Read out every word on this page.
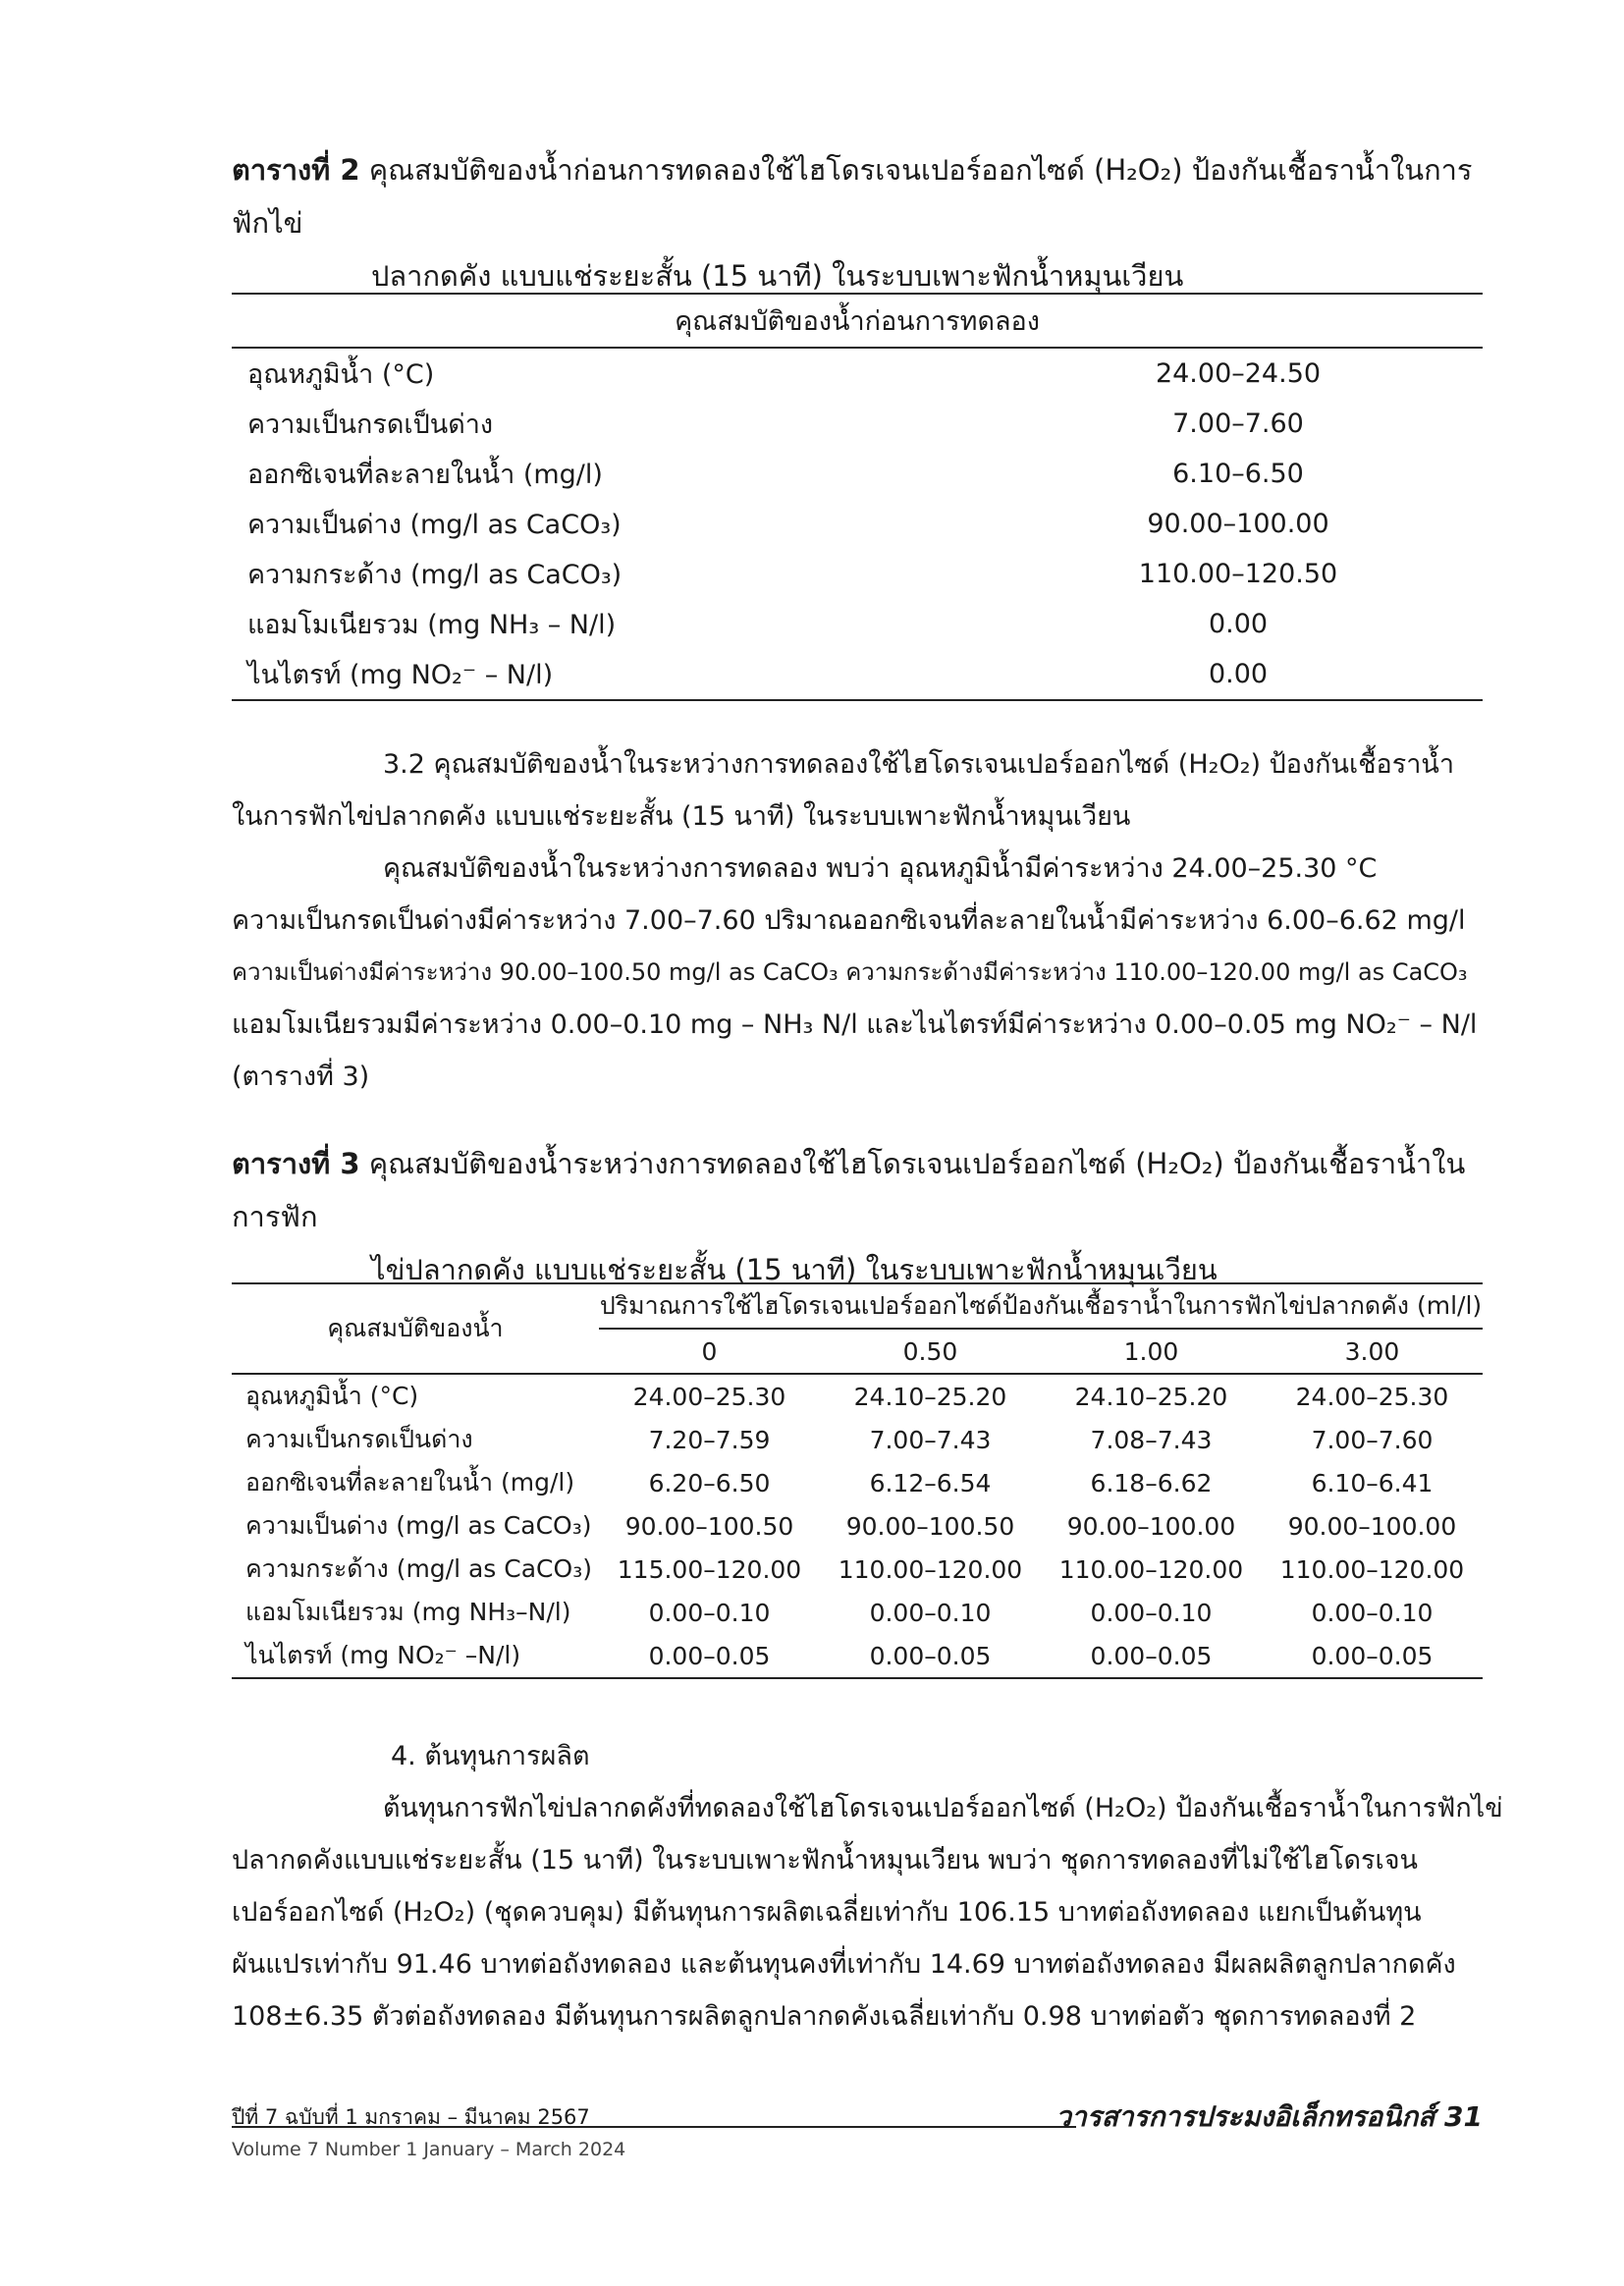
ตารางที่ 2 คุณสมบัติของน้ำก่อนการทดลองใช้ไฮโดรเจนเปอร์ออกไซด์ (H₂O₂) ป้องกันเชื้อราน้ำในการฟักไข่
ปลากดคัง แบบแช่ระยะสั้น (15 นาที) ในระบบเพาะฟักน้ำหมุนเวียน
คุณสมบัติของน้ำก่อนการทดลอง	
อุณหภูมิน้ำ (°C)	24.00–24.50
ความเป็นกรดเป็นด่าง	7.00–7.60
ออกซิเจนที่ละลายในน้ำ (mg/l)	6.10–6.50
ความเป็นด่าง (mg/l as CaCO₃)	90.00–100.00
ความกระด้าง (mg/l as CaCO₃)	110.00–120.50
แอมโมเนียรวม (mg NH₃ – N/l)	0.00
ไนไตรท์ (mg NO₂⁻ – N/l)	0.00
3.2 คุณสมบัติของน้ำในระหว่างการทดลองใช้ไฮโดรเจนเปอร์ออกไซด์ (H₂O₂) ป้องกันเชื้อราน้ำ
ในการฟักไข่ปลากดคัง แบบแช่ระยะสั้น (15 นาที) ในระบบเพาะฟักน้ำหมุนเวียน
คุณสมบัติของน้ำในระหว่างการทดลอง พบว่า อุณหภูมิน้ำมีค่าระหว่าง 24.00–25.30 °C
ความเป็นกรดเป็นด่างมีค่าระหว่าง 7.00–7.60 ปริมาณออกซิเจนที่ละลายในน้ำมีค่าระหว่าง 6.00–6.62 mg/l
ความเป็นด่างมีค่าระหว่าง 90.00–100.50 mg/l as CaCO₃ ความกระด้างมีค่าระหว่าง 110.00–120.00 mg/l as CaCO₃
แอมโมเนียรวมมีค่าระหว่าง 0.00–0.10 mg – NH₃ N/l และไนไตรท์มีค่าระหว่าง 0.00–0.05 mg NO₂⁻ – N/l
(ตารางที่ 3)
ตารางที่ 3 คุณสมบัติของน้ำระหว่างการทดลองใช้ไฮโดรเจนเปอร์ออกไซด์ (H₂O₂) ป้องกันเชื้อราน้ำในการฟัก
ไข่ปลากดคัง แบบแช่ระยะสั้น (15 นาที) ในระบบเพาะฟักน้ำหมุนเวียน
คุณสมบัติของน้ำ	ปริมาณการใช้ไฮโดรเจนเปอร์ออกไซด์ป้องกันเชื้อราน้ำในการฟักไข่ปลากดคัง (ml/l)			
	0	0.50	1.00	3.00
อุณหภูมิน้ำ (°C)	24.00–25.30	24.10–25.20	24.10–25.20	24.00–25.30
ความเป็นกรดเป็นด่าง	7.20–7.59	7.00–7.43	7.08–7.43	7.00–7.60
ออกซิเจนที่ละลายในน้ำ (mg/l)	6.20–6.50	6.12–6.54	6.18–6.62	6.10–6.41
ความเป็นด่าง (mg/l as CaCO₃)	90.00–100.50	90.00–100.50	90.00–100.00	90.00–100.00
ความกระด้าง (mg/l as CaCO₃)	115.00–120.00	110.00–120.00	110.00–120.00	110.00–120.00
แอมโมเนียรวม (mg NH₃–N/l)	0.00–0.10	0.00–0.10	0.00–0.10	0.00–0.10
ไนไตรท์ (mg NO₂⁻ –N/l)	0.00–0.05	0.00–0.05	0.00–0.05	0.00–0.05
4. ต้นทุนการผลิต
ต้นทุนการฟักไข่ปลากดคังที่ทดลองใช้ไฮโดรเจนเปอร์ออกไซด์ (H₂O₂) ป้องกันเชื้อราน้ำในการฟักไข่
ปลากดคังแบบแช่ระยะสั้น (15 นาที) ในระบบเพาะฟักน้ำหมุนเวียน พบว่า ชุดการทดลองที่ไม่ใช้ไฮโดรเจน
เปอร์ออกไซด์ (H₂O₂) (ชุดควบคุม) มีต้นทุนการผลิตเฉลี่ยเท่ากับ 106.15 บาทต่อถังทดลอง แยกเป็นต้นทุน
ผันแปรเท่ากับ 91.46 บาทต่อถังทดลอง และต้นทุนคงที่เท่ากับ 14.69 บาทต่อถังทดลอง มีผลผลิตลูกปลากดคัง
108±6.35 ตัวต่อถังทดลอง มีต้นทุนการผลิตลูกปลากดคังเฉลี่ยเท่ากับ 0.98 บาทต่อตัว ชุดการทดลองที่ 2
ปีที่ 7 ฉบับที่ 1 มกราคม – มีนาคม 2567
Volume 7 Number 1 January – March 2024
วารสารการประมงอิเล็กทรอนิกส์ 31
